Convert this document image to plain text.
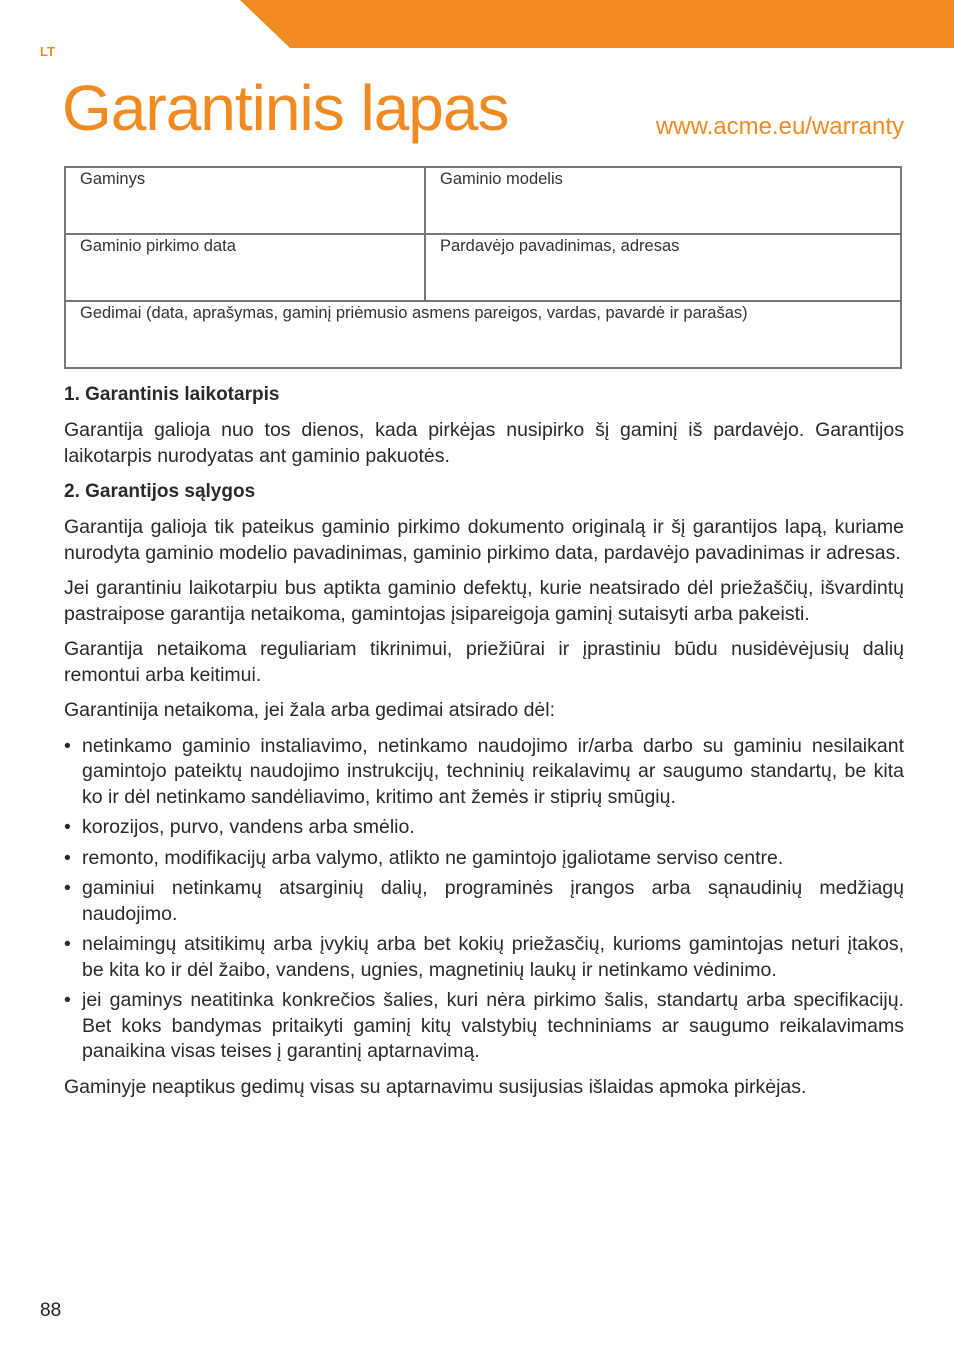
LT
Garantinis lapas	www.acme.eu/warranty
Gaminys	Gaminio modelis
Gaminio pirkimo data	Pardavėjo pavadinimas, adresas
Gedimai (data, aprašymas, gaminį priėmusio asmens pareigos, vardas, pavardė ir parašas)	
1. Garantinis laikotarpis

Garantija galioja nuo tos dienos, kada pirkėjas nusipirko šį gaminį iš pardavėjo. Garantijos laikotarpis nurodyatas ant gaminio pakuotės.

2. Garantijos sąlygos

Garantija galioja tik pateikus gaminio pirkimo dokumento originalą ir šį garantijos lapą, kuriame nurodyta gaminio modelio pavadinimas, gaminio pirkimo data, pardavėjo pavadinimas ir adresas.

Jei garantiniu laikotarpiu bus aptikta gaminio defektų, kurie neatsirado dėl priežaščių, išvardintų pastraipose garantija netaikoma, gamintojas įsipareigoja gaminį sutaisyti arba pakeisti.

Garantija netaikoma reguliariam tikrinimui, priežiūrai ir įprastiniu būdu nusidėvėjusių dalių remontui arba keitimui.

Garantinija netaikoma, jei žala arba gedimai atsirado dėl:

• netinkamo gaminio instaliavimo, netinkamo naudojimo ir/arba darbo su gaminiu nesilaikant gamintojo pateiktų naudojimo instrukcijų, techninių reikalavimų ar saugumo standartų, be kita ko ir dėl netinkamo sandėliavimo, kritimo ant žemės ir stiprių smūgių.
• korozijos, purvo, vandens arba smėlio.
• remonto, modifikacijų arba valymo, atlikto ne gamintojo įgaliotame serviso centre.
• gaminiui netinkamų atsarginių dalių, programinės įrangos arba sąnaudinių medžiagų naudojimo.
• nelaimingų atsitikimų arba įvykių arba bet kokių priežasčių, kurioms gamintojas neturi įtakos, be kita ko ir dėl žaibo, vandens, ugnies, magnetinių laukų ir netinkamo vėdinimo.
• jei gaminys neatitinka konkrečios šalies, kuri nėra pirkimo šalis, standartų arba specifikacijų. Bet koks bandymas pritaikyti gaminį kitų valstybių techniniams ar saugumo reikalavimams panaikina visas teises į garantinį aptarnavimą.

Gaminyje neaptikus gedimų visas su aptarnavimu susijusias išlaidas apmoka pirkėjas.

88
